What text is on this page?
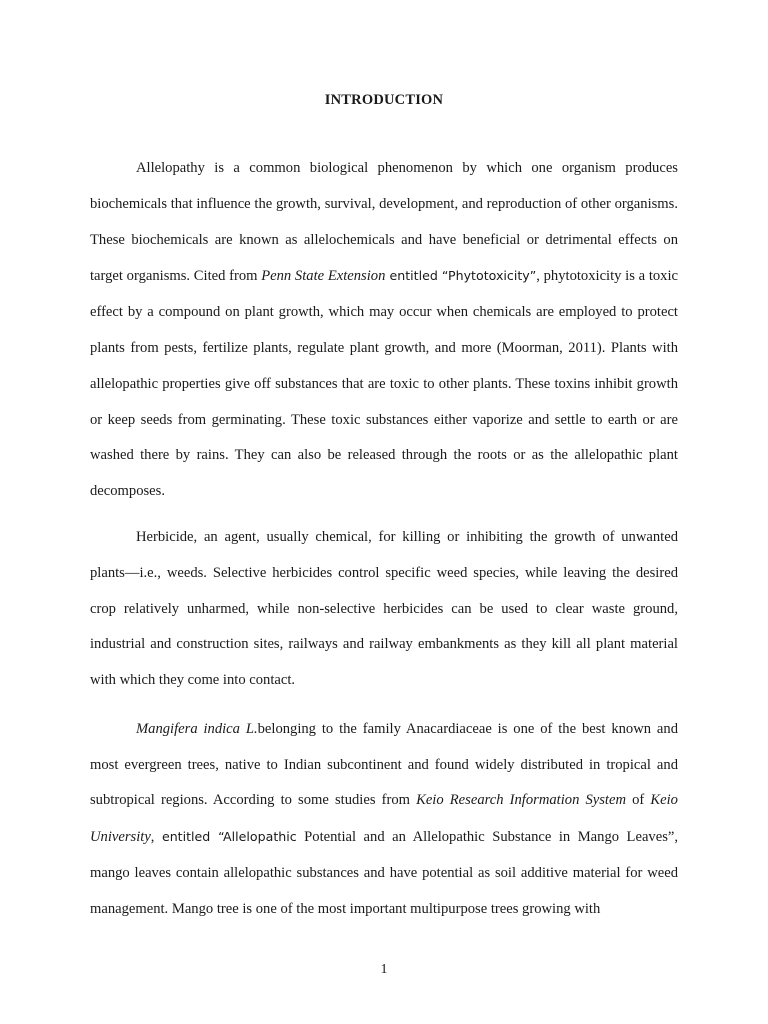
INTRODUCTION

Allelopathy is a common biological phenomenon by which one organism produces biochemicals that influence the growth, survival, development, and reproduction of other organisms. These biochemicals are known as allelochemicals and have beneficial or detrimental effects on target organisms. Cited from Penn State Extension entitled “Phytotoxicity”, phytotoxicity is a toxic effect by a compound on plant growth, which may occur when chemicals are employed to protect plants from pests, fertilize plants, regulate plant growth, and more (Moorman, 2011). Plants with allelopathic properties give off substances that are toxic to other plants. These toxins inhibit growth or keep seeds from germinating. These toxic substances either vaporize and settle to earth or are washed there by rains. They can also be released through the roots or as the allelopathic plant decomposes.

Herbicide, an agent, usually chemical, for killing or inhibiting the growth of unwanted plants—i.e., weeds. Selective herbicides control specific weed species, while leaving the desired crop relatively unharmed, while non-selective herbicides can be used to clear waste ground, industrial and construction sites, railways and railway embankments as they kill all plant material with which they come into contact.

Mangifera indica L.belonging to the family Anacardiaceae is one of the best known and most evergreen trees, native to Indian subcontinent and found widely distributed in tropical and subtropical regions. According to some studies from Keio Research Information System of Keio University, entitled “Allelopathic Potential and an Allelopathic Substance in Mango Leaves”, mango leaves contain allelopathic substances and have potential as soil additive material for weed management. Mango tree is one of the most important multipurpose trees growing with

1
